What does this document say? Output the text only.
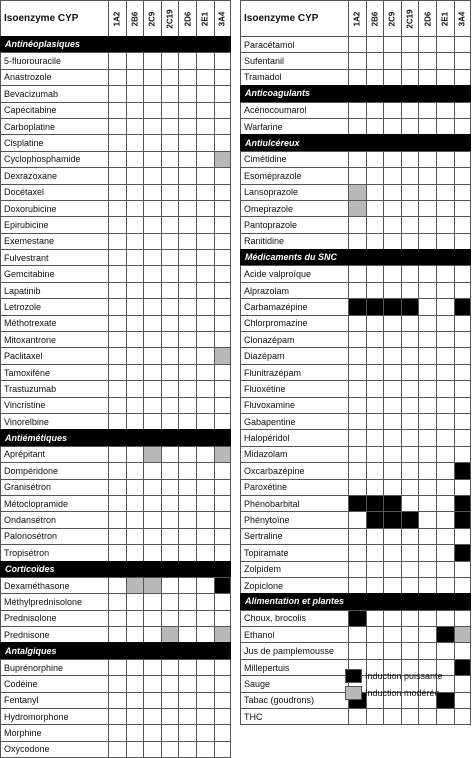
Isoenzyme CYP	1A2 2B6 2C9 2C19 2D6 2E1 3A4
Antinéoplasiques
5-fluorouracile
Anastrozole
Bevacizumab
Capécitabine
Carboplatine
Cisplatine
Cyclophosphamide
Dexrazoxane
Docétaxel
Doxorubicine
Epirubicine
Exemestane
Fulvestrant
Gemcitabine
Lapatinib
Letrozole
Méthotrexate
Mitoxantrone
Paclitaxel
Tamoxifène
Trastuzumab
Vincristine
Vinorelbine
Antiémétiques
Aprépitant
Dompéridone
Granisétron
Métoclopramide
Ondansétron
Palonosétron
Tropisétron
Corticoïdes
Dexaméthasone
Méthylprednisolone
Prednisolone
Prednisone
Antalgiques
Buprénorphine
Codéine
Fentanyl
Hydromorphone
Morphine
Oxycodone
Isoenzyme CYP	1A2 2B6 2C9 2C19 2D6 2E1 3A4
Paracétamol
Sufentanil
Tramadol
Anticoagulants
Acénocoumarol
Warfarine
Antiulcéreux
Cimétidine
Esoméprazole
Lansoprazole
Omeprazole
Pantoprazole
Ranitidine
Médicaments du SNC
Acide valproïque
Alprazolam
Carbamazépine
Chlorpromazine
Clonazépam
Diazépam
Flunitrazépam
Fluoxétine
Fluvoxamine
Gabapentine
Halopéridol
Midazolam
Oxcarbazépine
Paroxétine
Phénobarbital
Phénytoïne
Sertraline
Topiramate
Zolpidem
Zopiclone
Alimentation et plantes
Choux, brocolis
Ethanol
Jus de pamplemousse
Millepertuis
Sauge
Tabac (goudrons)
THC
Induction puissante
Induction modérée
